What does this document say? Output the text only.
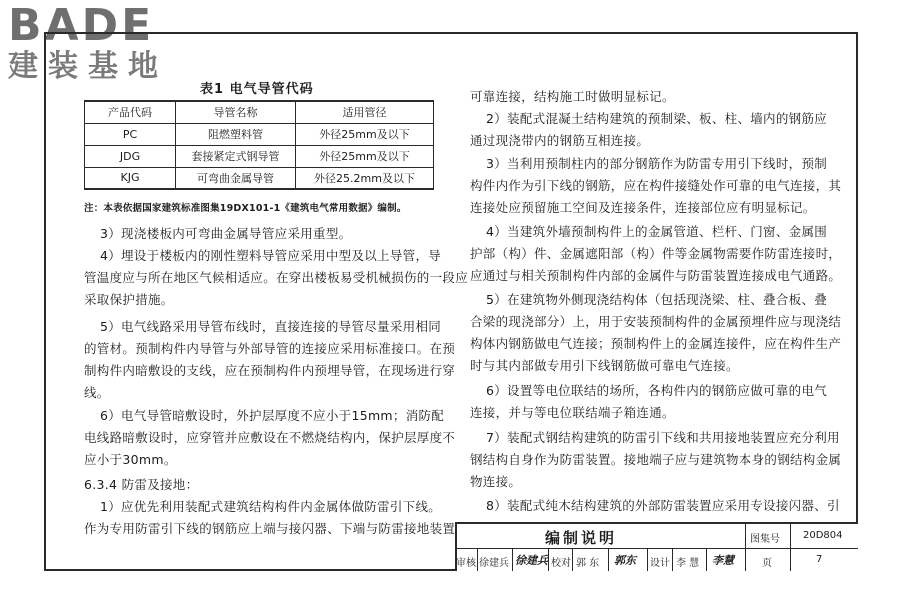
BADE
建装基地
表1 电气导管代码
产品代码	导管名称	适用管径
PC	阻燃塑料管	外径25mm及以下
JDG	套接紧定式钢导管	外径25mm及以下
KJG	可弯曲金属导管	外径25.2mm及以下
注：本表依据国家建筑标准图集19DX101-1《建筑电气常用数据》编制。
3）现浇楼板内可弯曲金属导管应采用重型。
4）埋设于楼板内的刚性塑料导管应采用中型及以上导管，导
管温度应与所在地区气候相适应。在穿出楼板易受机械损伤的一段应
采取保护措施。
5）电气线路采用导管布线时，直接连接的导管尽量采用相同
的管材。预制构件内导管与外部导管的连接应采用标准接口。在预
制构件内暗敷设的支线，应在预制构件内预埋导管，在现场进行穿
线。
6）电气导管暗敷设时，外护层厚度不应小于15mm；消防配
电线路暗敷设时，应穿管并应敷设在不燃烧结构内，保护层厚度不
应小于30mm。
6.3.4 防雷及接地：
1）应优先利用装配式建筑结构构件内金属体做防雷引下线。
作为专用防雷引下线的钢筋应上端与接闪器、下端与防雷接地装置
可靠连接，结构施工时做明显标记。
2）装配式混凝土结构建筑的预制梁、板、柱、墙内的钢筋应
通过现浇带内的钢筋互相连接。
3）当利用预制柱内的部分钢筋作为防雷专用引下线时，预制
构件内作为引下线的钢筋，应在构件接缝处作可靠的电气连接，其
连接处应预留施工空间及连接条件，连接部位应有明显标记。
4）当建筑外墙预制构件上的金属管道、栏杆、门窗、金属围
护部（构）件、金属遮阳部（构）件等金属物需要作防雷连接时，
应通过与相关预制构件内部的金属件与防雷装置连接成电气通路。
5）在建筑物外侧现浇结构体（包括现浇梁、柱、叠合板、叠
合梁的现浇部分）上，用于安装预制构件的金属预埋件应与现浇结
构体内钢筋做电气连接；预制构件上的金属连接件，应在构件生产
时与其内部做专用引下线钢筋做可靠电气连接。
6）设置等电位联结的场所，各构件内的钢筋应做可靠的电气
连接，并与等电位联结端子箱连通。
7）装配式钢结构建筑的防雷引下线和共用接地装置应充分利用
钢结构自身作为防雷装置。接地端子应与建筑物本身的钢结构金属
物连接。
8）装配式纯木结构建筑的外部防雷装置应采用专设接闪器、引
编制说明	图集号 20D804
审核 徐建兵 徐建兵 校对 郭 东 郭东 设计 李 慧 李慧	页	7
